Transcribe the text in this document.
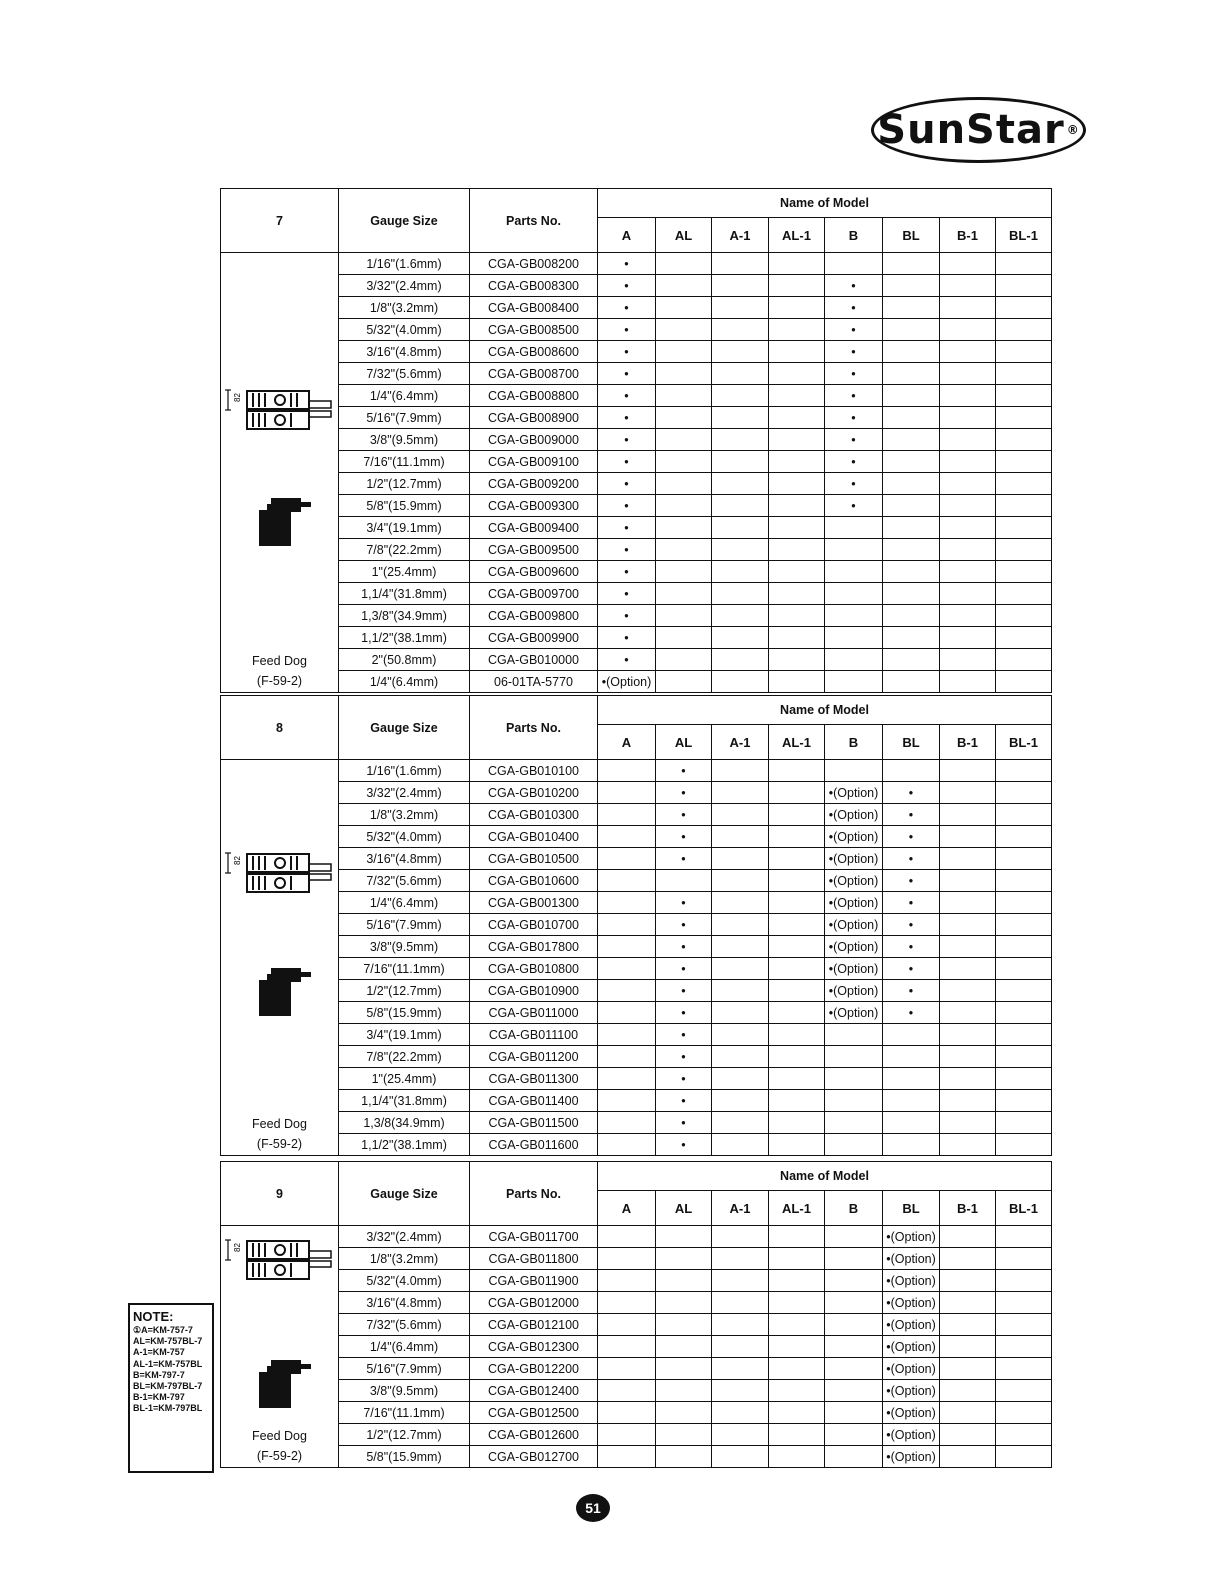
SunStar ®
7	Gauge Size	Parts No.	Name of Model							
			A	AL	A-1	AL-1	B	BL	B-1	BL-1

82
Feed Dog
(F-59-2)	1/16"(1.6mm)	CGA-GB008200	•							
	3/32"(2.4mm)	CGA-GB008300	•				•			
	1/8"(3.2mm)	CGA-GB008400	•				•			
	5/32"(4.0mm)	CGA-GB008500	•				•			
	3/16"(4.8mm)	CGA-GB008600	•				•			
	7/32"(5.6mm)	CGA-GB008700	•				•			
	1/4"(6.4mm)	CGA-GB008800	•				•			
	5/16"(7.9mm)	CGA-GB008900	•				•			
	3/8"(9.5mm)	CGA-GB009000	•				•			
	7/16"(11.1mm)	CGA-GB009100	•				•			
	1/2"(12.7mm)	CGA-GB009200	•				•			
	5/8"(15.9mm)	CGA-GB009300	•				•			
	3/4"(19.1mm)	CGA-GB009400	•							
	7/8"(22.2mm)	CGA-GB009500	•							
	1"(25.4mm)	CGA-GB009600	•							
	1,1/4"(31.8mm)	CGA-GB009700	•							
	1,3/8"(34.9mm)	CGA-GB009800	•							
	1,1/2"(38.1mm)	CGA-GB009900	•							
	2"(50.8mm)	CGA-GB010000	•							
	1/4"(6.4mm)	06-01TA-5770	•(Option)							
8	Gauge Size	Parts No.	Name of Model							
			A	AL	A-1	AL-1	B	BL	B-1	BL-1

82
Feed Dog
(F-59-2)	1/16"(1.6mm)	CGA-GB010100		•						
	3/32"(2.4mm)	CGA-GB010200		•			•(Option)	•		
	1/8"(3.2mm)	CGA-GB010300		•			•(Option)	•		
	5/32"(4.0mm)	CGA-GB010400		•			•(Option)	•		
	3/16"(4.8mm)	CGA-GB010500		•			•(Option)	•		
	7/32"(5.6mm)	CGA-GB010600					•(Option)	•		
	1/4"(6.4mm)	CGA-GB001300		•			•(Option)	•		
	5/16"(7.9mm)	CGA-GB010700		•			•(Option)	•		
	3/8"(9.5mm)	CGA-GB017800		•			•(Option)	•		
	7/16"(11.1mm)	CGA-GB010800		•			•(Option)	•		
	1/2"(12.7mm)	CGA-GB010900		•			•(Option)	•		
	5/8"(15.9mm)	CGA-GB011000		•			•(Option)	•		
	3/4"(19.1mm)	CGA-GB011100		•						
	7/8"(22.2mm)	CGA-GB011200		•						
	1"(25.4mm)	CGA-GB011300		•						
	1,1/4"(31.8mm)	CGA-GB011400		•						
	1,3/8(34.9mm)	CGA-GB011500		•						
	1,1/2"(38.1mm)	CGA-GB011600		•						
9	Gauge Size	Parts No.	Name of Model							
			A	AL	A-1	AL-1	B	BL	B-1	BL-1

82
Feed Dog
(F-59-2)	3/32"(2.4mm)	CGA-GB011700						•(Option)		
	1/8"(3.2mm)	CGA-GB011800						•(Option)		
	5/32"(4.0mm)	CGA-GB011900						•(Option)		
	3/16"(4.8mm)	CGA-GB012000						•(Option)		
	7/32"(5.6mm)	CGA-GB012100						•(Option)		
	1/4"(6.4mm)	CGA-GB012300						•(Option)		
	5/16"(7.9mm)	CGA-GB012200						•(Option)		
	3/8"(9.5mm)	CGA-GB012400						•(Option)		
	7/16"(11.1mm)	CGA-GB012500						•(Option)		
	1/2"(12.7mm)	CGA-GB012600						•(Option)		
	5/8"(15.9mm)	CGA-GB012700						•(Option)		
NOTE:
①A=KM-757-7
AL=KM-757BL-7
A-1=KM-757
AL-1=KM-757BL
B=KM-797-7
BL=KM-797BL-7
B-1=KM-797
BL-1=KM-797BL
51
